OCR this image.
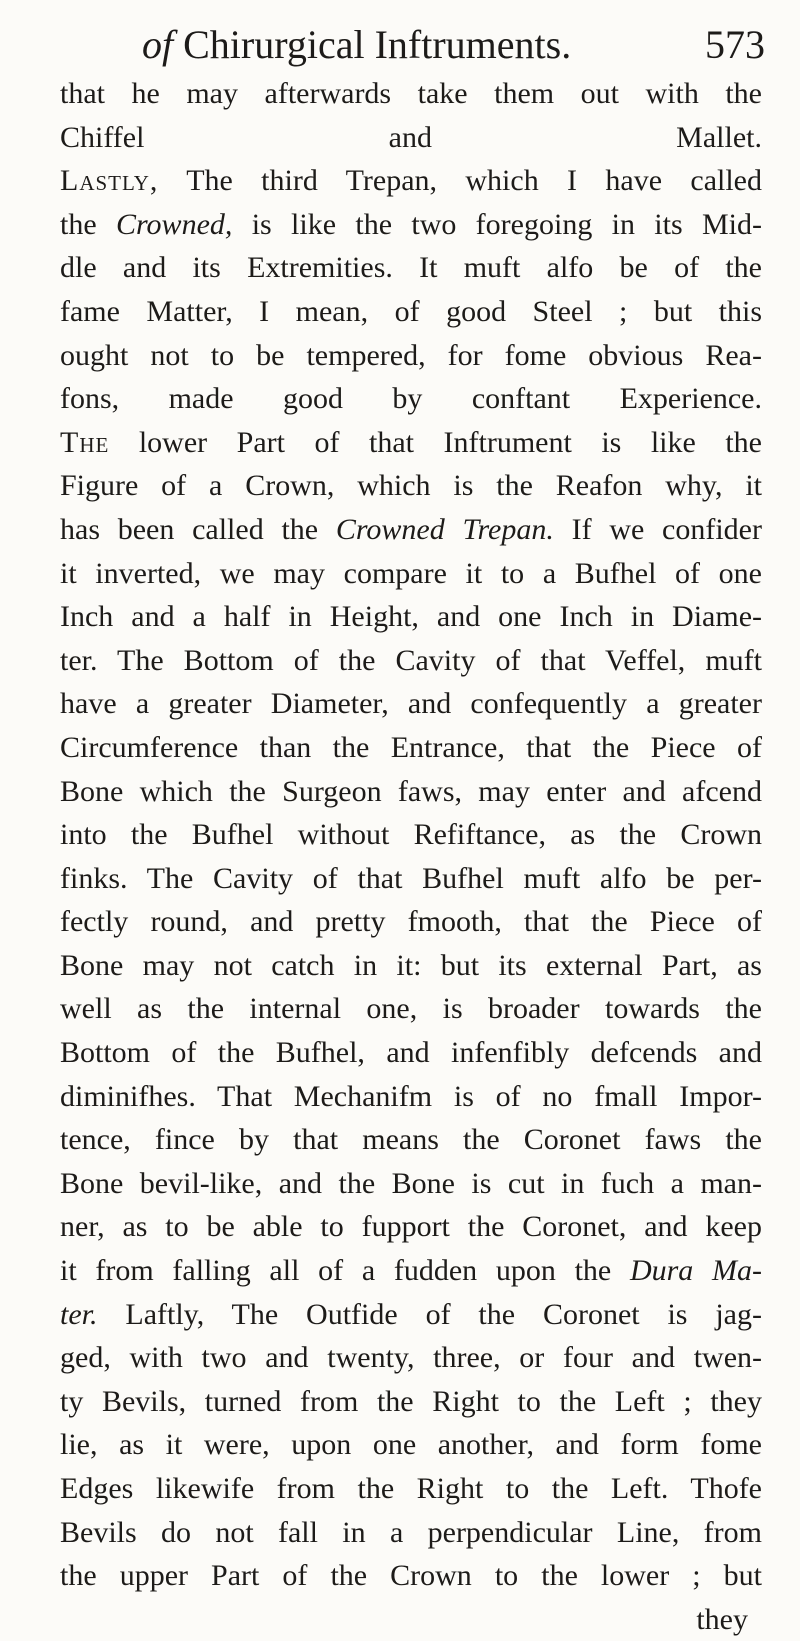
of Chirurgical Inftruments.	573
that he may afterwards take them out with the
Chiffel and Mallet.
Lastly, The third Trepan, which I have called
the Crowned, is like the two foregoing in its Mid-
dle and its Extremities. It muft alfo be of the
fame Matter, I mean, of good Steel ; but this
ought not to be tempered, for fome obvious Rea-
fons, made good by conftant Experience.
The lower Part of that Inftrument is like the
Figure of a Crown, which is the Reafon why, it
has been called the Crowned Trepan. If we confider
it inverted, we may compare it to a Bufhel of one
Inch and a half in Height, and one Inch in Diame-
ter. The Bottom of the Cavity of that Veffel, muft
have a greater Diameter, and confequently a greater
Circumference than the Entrance, that the Piece of
Bone which the Surgeon faws, may enter and afcend
into the Bufhel without Refiftance, as the Crown
finks. The Cavity of that Bufhel muft alfo be per-
fectly round, and pretty fmooth, that the Piece of
Bone may not catch in it: but its external Part, as
well as the internal one, is broader towards the
Bottom of the Bufhel, and infenfibly defcends and
diminifhes. That Mechanifm is of no fmall Impor-
tence, fince by that means the Coronet faws the
Bone bevil-like, and the Bone is cut in fuch a man-
ner, as to be able to fupport the Coronet, and keep
it from falling all of a fudden upon the Dura Ma-
ter. Laftly, The Outfide of the Coronet is jag-
ged, with two and twenty, three, or four and twen-
ty Bevils, turned from the Right to the Left ; they
lie, as it were, upon one another, and form fome
Edges likewife from the Right to the Left. Thofe
Bevils do not fall in a perpendicular Line, from
the upper Part of the Crown to the lower ; but
they
